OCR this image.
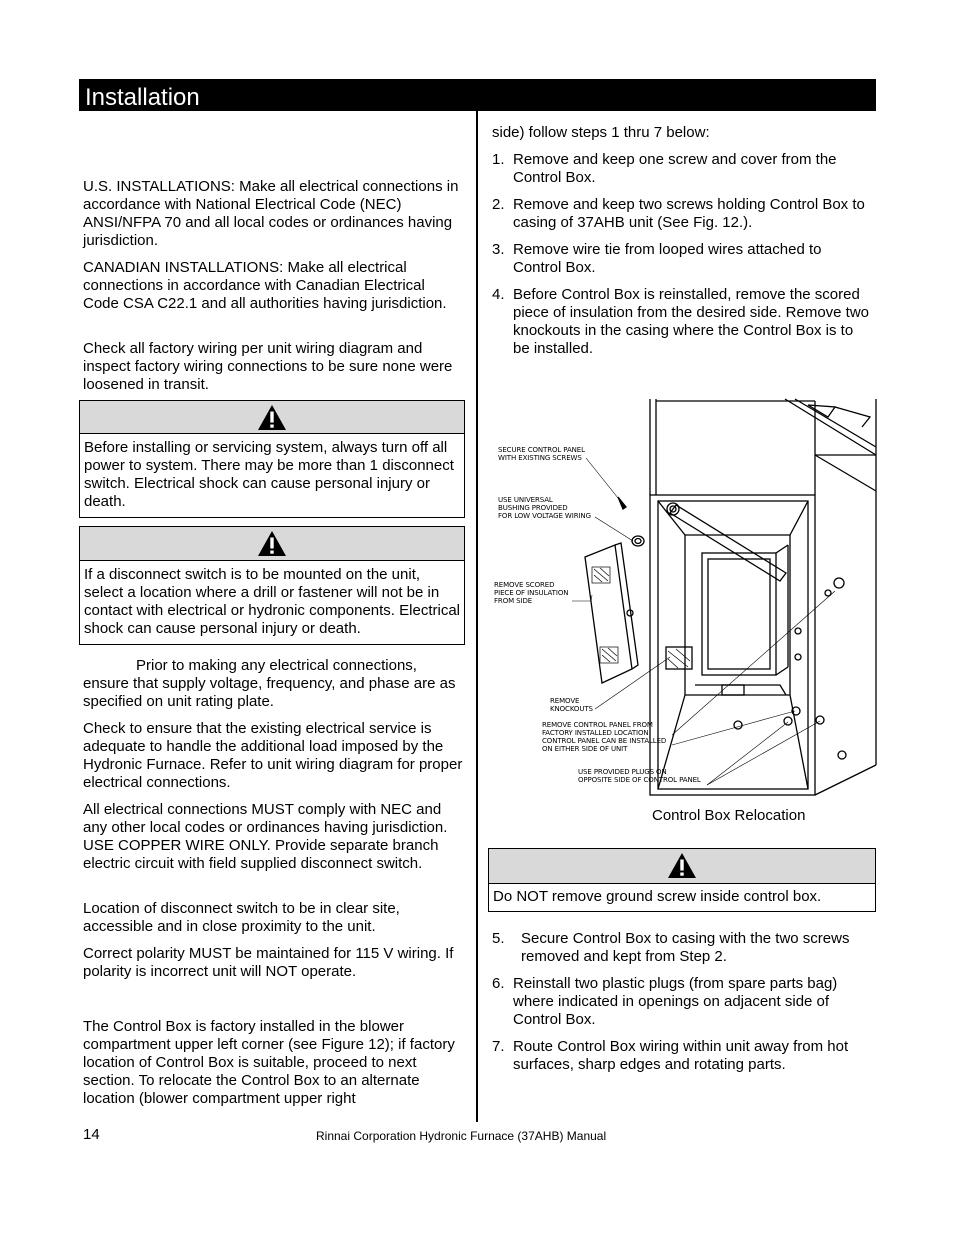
Installation

U.S. INSTALLATIONS: Make all electrical connections in accordance with National Electrical Code (NEC) ANSI/NFPA 70 and all local codes or ordinances having jurisdiction.

CANADIAN INSTALLATIONS: Make all electrical connections in accordance with Canadian Electrical Code CSA C22.1 and all authorities having jurisdiction.

Check all factory wiring per unit wiring diagram and inspect factory wiring connections to be sure none were loosened in transit.

Before installing or servicing system, always turn off all power to system. There may be more than 1 disconnect switch. Electrical shock can cause personal injury or death.
If a disconnect switch is to be mounted on the unit, select a location where a drill or fastener will not be in contact with electrical or hydronic components. Electrical shock can cause personal injury or death.

Prior to making any electrical connections, ensure that supply voltage, frequency, and phase are as specified on unit rating plate.

Check to ensure that the existing electrical service is adequate to handle the additional load imposed by the Hydronic Furnace. Refer to unit wiring diagram for proper electrical connections.

All electrical connections MUST comply with NEC and any other local codes or ordinances having jurisdiction. USE COPPER WIRE ONLY. Provide separate branch electric circuit with field supplied disconnect switch.

Location of disconnect switch to be in clear site, accessible and in close proximity to the unit.

Correct polarity MUST be maintained for 115 V wiring. If polarity is incorrect unit will NOT operate.

The Control Box is factory installed in the blower compartment upper left corner (see Figure 12); if factory location of Control Box is suitable, proceed to next section. To relocate the Control Box to an alternate location (blower compartment upper right

side) follow steps 1 thru 7 below:

1. Remove and keep one screw and cover from the Control Box.
2. Remove and keep two screws holding Control Box to casing of 37AHB unit (See Fig. 12.).
3. Remove wire tie from looped wires attached to Control Box.
4. Before Control Box is reinstalled, remove the scored piece of insulation from the desired side. Remove two knockouts in the casing where the Control Box is to be installed.
SECURE CONTROL PANEL
WITH EXISTING SCREWS
USE UNIVERSAL
BUSHING PROVIDED
FOR LOW VOLTAGE WIRING
REMOVE SCORED
PIECE OF INSULATION
FROM SIDE
REMOVE
KNOCKOUTS
REMOVE CONTROL PANEL FROM
FACTORY INSTALLED LOCATION
CONTROL PANEL CAN BE INSTALLED
ON EITHER SIDE OF UNIT
USE PROVIDED PLUGS ON
OPPOSITE SIDE OF CONTROL PANEL
Control Box Relocation
Do NOT remove ground screw inside control box.
5. Secure Control Box to casing with the two screws removed and kept from Step 2.
6. Reinstall two plastic plugs (from spare parts bag) where indicated in openings on adjacent side of Control Box.
7. Route Control Box wiring within unit away from hot surfaces, sharp edges and rotating parts.
14	Rinnai Corporation Hydronic Furnace (37AHB) Manual
